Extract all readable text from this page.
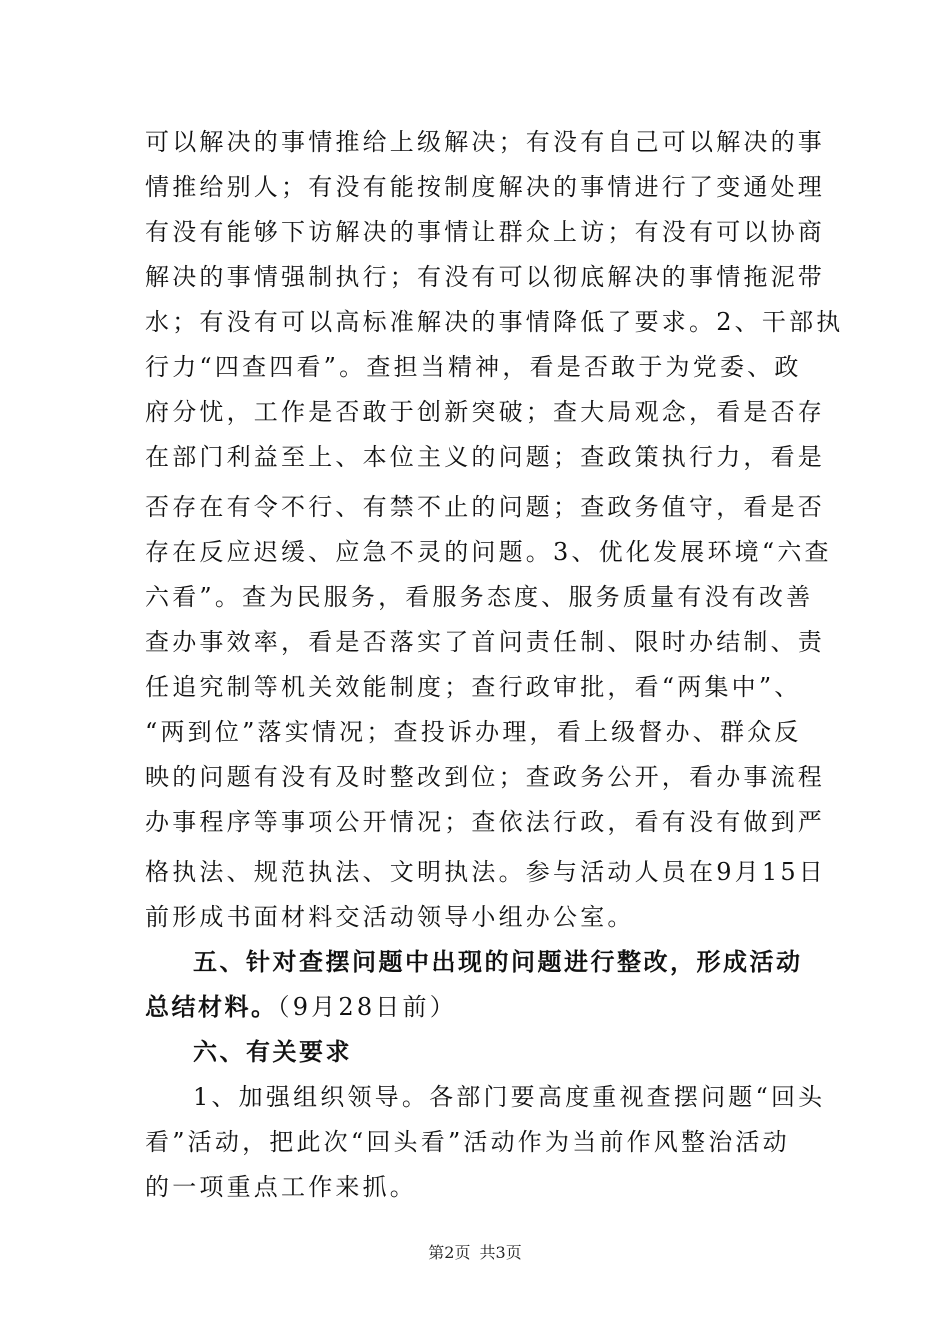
可以解决的事情推给上级解决；有没有自己可以解决的事
情推给别人；有没有能按制度解决的事情进行了变通处理
有没有能够下访解决的事情让群众上访；有没有可以协商
解决的事情强制执行；有没有可以彻底解决的事情拖泥带
水；有没有可以高标准解决的事情降低了要求。2、干部执
行力“四查四看”。查担当精神，看是否敢于为党委、政
府分忧，工作是否敢于创新突破；查大局观念，看是否存
在部门利益至上、本位主义的问题；查政策执行力，看是
否存在有令不行、有禁不止的问题；查政务值守，看是否
存在反应迟缓、应急不灵的问题。3、优化发展环境“六查
六看”。查为民服务，看服务态度、服务质量有没有改善
查办事效率，看是否落实了首问责任制、限时办结制、责
任追究制等机关效能制度；查行政审批，看“两集中”、
“两到位”落实情况；查投诉办理，看上级督办、群众反
映的问题有没有及时整改到位；查政务公开，看办事流程
办事程序等事项公开情况；查依法行政，看有没有做到严
格执法、规范执法、文明执法。参与活动人员在9月15日
前形成书面材料交活动领导小组办公室。
五、针对查摆问题中出现的问题进行整改，形成活动
总结材料。（9月28日前）
六、有关要求
1、加强组织领导。各部门要高度重视查摆问题“回头
看”活动，把此次“回头看”活动作为当前作风整治活动
的一项重点工作来抓。
第2页 共3页
